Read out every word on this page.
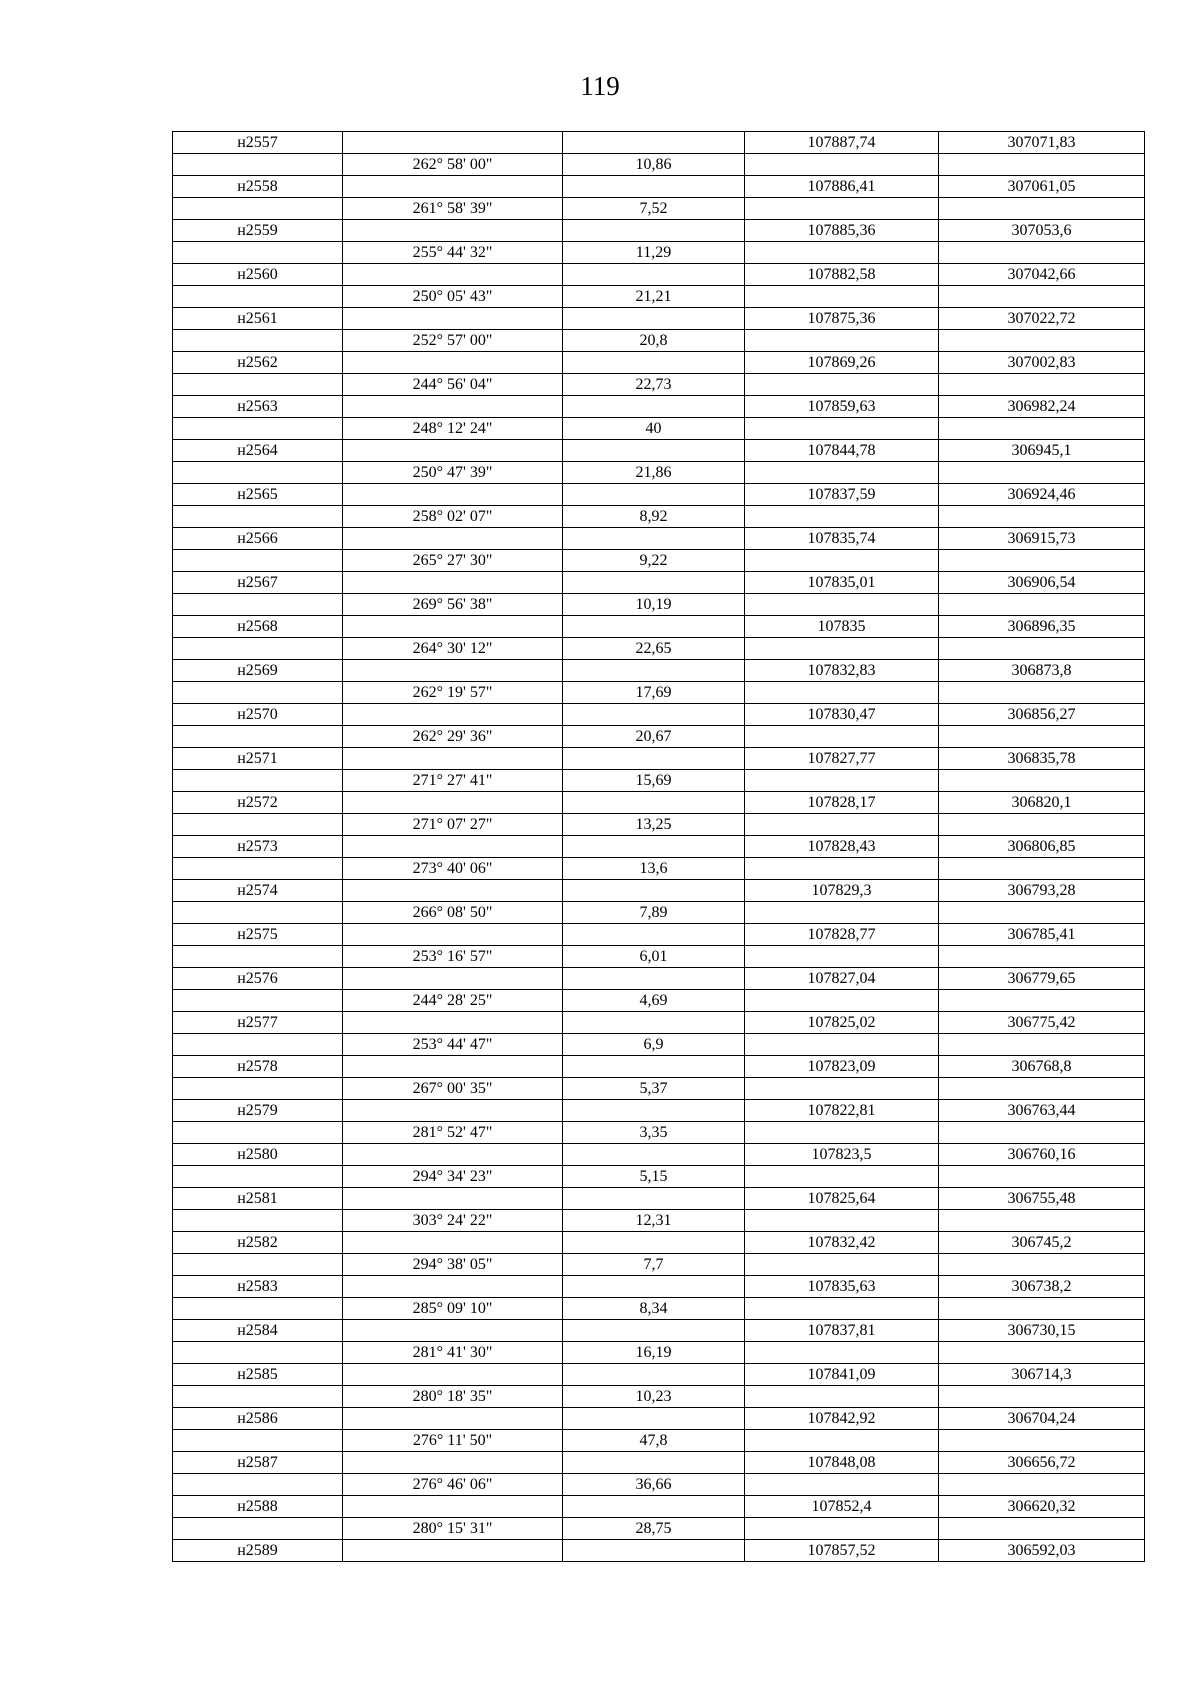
119
н2557			107887,74	307071,83
	262° 58' 00"	10,86		
н2558			107886,41	307061,05
	261° 58' 39"	7,52		
н2559			107885,36	307053,6
	255° 44' 32"	11,29		
н2560			107882,58	307042,66
	250° 05' 43"	21,21		
н2561			107875,36	307022,72
	252° 57' 00"	20,8		
н2562			107869,26	307002,83
	244° 56' 04"	22,73		
н2563			107859,63	306982,24
	248° 12' 24"	40		
н2564			107844,78	306945,1
	250° 47' 39"	21,86		
н2565			107837,59	306924,46
	258° 02' 07"	8,92		
н2566			107835,74	306915,73
	265° 27' 30"	9,22		
н2567			107835,01	306906,54
	269° 56' 38"	10,19		
н2568			107835	306896,35
	264° 30' 12"	22,65		
н2569			107832,83	306873,8
	262° 19' 57"	17,69		
н2570			107830,47	306856,27
	262° 29' 36"	20,67		
н2571			107827,77	306835,78
	271° 27' 41"	15,69		
н2572			107828,17	306820,1
	271° 07' 27"	13,25		
н2573			107828,43	306806,85
	273° 40' 06"	13,6		
н2574			107829,3	306793,28
	266° 08' 50"	7,89		
н2575			107828,77	306785,41
	253° 16' 57"	6,01		
н2576			107827,04	306779,65
	244° 28' 25"	4,69		
н2577			107825,02	306775,42
	253° 44' 47"	6,9		
н2578			107823,09	306768,8
	267° 00' 35"	5,37		
н2579			107822,81	306763,44
	281° 52' 47"	3,35		
н2580			107823,5	306760,16
	294° 34' 23"	5,15		
н2581			107825,64	306755,48
	303° 24' 22"	12,31		
н2582			107832,42	306745,2
	294° 38' 05"	7,7		
н2583			107835,63	306738,2
	285° 09' 10"	8,34		
н2584			107837,81	306730,15
	281° 41' 30"	16,19		
н2585			107841,09	306714,3
	280° 18' 35"	10,23		
н2586			107842,92	306704,24
	276° 11' 50"	47,8		
н2587			107848,08	306656,72
	276° 46' 06"	36,66		
н2588			107852,4	306620,32
	280° 15' 31"	28,75		
н2589			107857,52	306592,03
